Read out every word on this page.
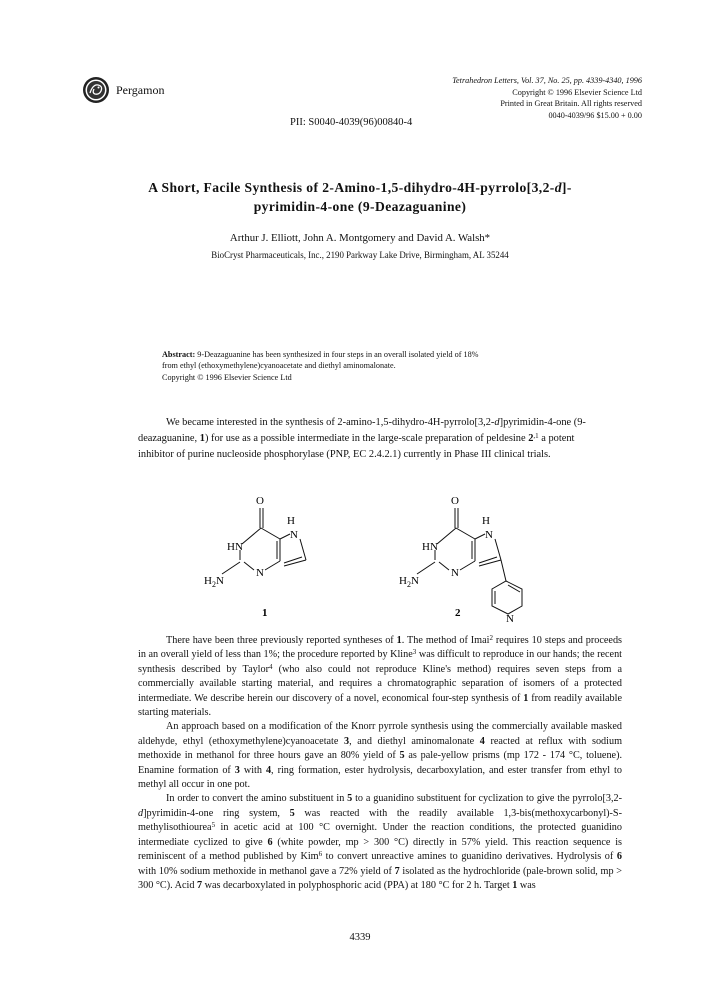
Pergamon
Tetrahedron Letters, Vol. 37, No. 25, pp. 4339-4340, 1996
Copyright © 1996 Elsevier Science Ltd
Printed in Great Britain. All rights reserved
0040-4039/96 $15.00 + 0.00
PII: S0040-4039(96)00840-4
A Short, Facile Synthesis of 2-Amino-1,5-dihydro-4H-pyrrolo[3,2-d]-
pyrimidin-4-one (9-Deazaguanine)
Arthur J. Elliott, John A. Montgomery and David A. Walsh*
BioCryst Pharmaceuticals, Inc., 2190 Parkway Lake Drive, Birmingham, AL 35244
Abstract: 9-Deazaguanine has been synthesized in four steps in an overall isolated yield of 18%
from ethyl (ethoxymethylene)cyanoacetate and diethyl aminomalonate.
Copyright © 1996 Elsevier Science Ltd
We became interested in the synthesis of 2-amino-1,5-dihydro-4H-pyrrolo[3,2-d]pyrimidin-4-one (9-
deazaguanine, 1) for use as a possible intermediate in the large-scale preparation of peldesine $2^{,1}$ a potent
inhibitor of purine nucleoside phosphorylase (PNP, EC 2.4.2.1) currently in Phase III clinical trials.
O
H
N
HN
N
$H_2N$
1
O
H
N
HN
N
$H_2N$
N
2

There have been three previously reported syntheses of 1. The method of Imai$^2$ requires 10 steps and proceeds in an overall yield of less than 1%; the procedure reported by Kline$^3$ was difficult to reproduce in our hands; the recent synthesis described by Taylor$^4$ (who also could not reproduce Kline's method) requires seven steps from a commercially available starting material, and requires a chromatographic separation of isomers of a protected intermediate. We describe herein our discovery of a novel, economical four-step synthesis of 1 from readily available starting materials.

An approach based on a modification of the Knorr pyrrole synthesis using the commercially available masked aldehyde, ethyl (ethoxymethylene)cyanoacetate 3, and diethyl aminomalonate 4 reacted at reflux with sodium methoxide in methanol for three hours gave an 80% yield of 5 as pale-yellow prisms (mp 172 - 174 °C, toluene). Enamine formation of 3 with 4, ring formation, ester hydrolysis, decarboxylation, and ester transfer from ethyl to methyl all occur in one pot.

In order to convert the amino substituent in 5 to a guanidino substituent for cyclization to give the pyrrolo[3,2-d]pyrimidin-4-one ring system, 5 was reacted with the readily available 1,3-bis(methoxycarbonyl)-S-methylisothiourea$^5$ in acetic acid at 100 °C overnight. Under the reaction conditions, the protected guanidino intermediate cyclized to give 6 (white powder, mp > 300 °C) directly in 57% yield. This reaction sequence is reminiscent of a method published by Kim$^6$ to convert unreactive amines to guanidino derivatives. Hydrolysis of 6 with 10% sodium methoxide in methanol gave a 72% yield of 7 isolated as the hydrochloride (pale-brown solid, mp > 300 °C). Acid 7 was decarboxylated in polyphosphoric acid (PPA) at 180 °C for 2 h. Target 1 was

4339
